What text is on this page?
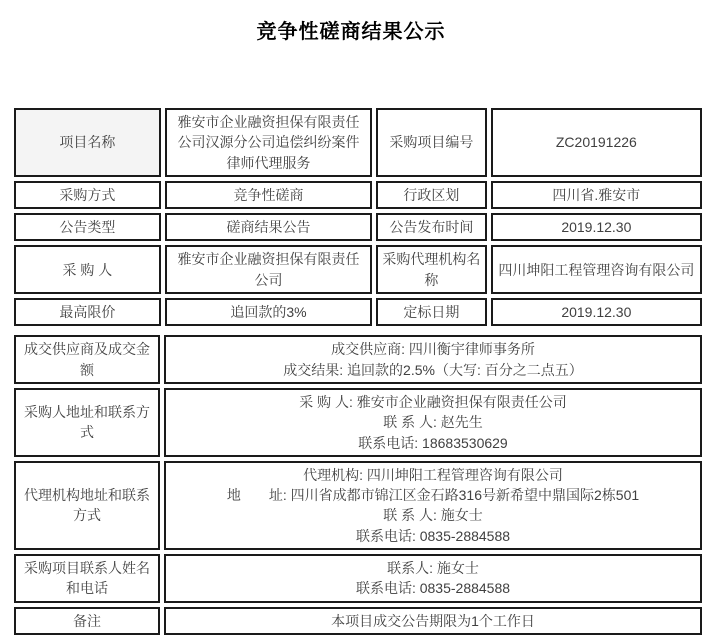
竞争性磋商结果公示
项目名称	雅安市企业融资担保有限责任公司汉源分公司追偿纠纷案件律师代理服务	采购项目编号	ZC20191226
采购方式	竞争性磋商	行政区划	四川省.雅安市
公告类型	磋商结果公告	公告发布时间	2019.12.30
采 购 人	雅安市企业融资担保有限责任公司	采购代理机构名称	四川坤阳工程管理咨询有限公司
最高限价	追回款的3%	定标日期	2019.12.30
成交供应商及成交金额	成交供应商: 四川衡宇律师事务所
成交结果: 追回款的2.5%（大写: 百分之二点五）

采购人地址和联系方式	采 购 人: 雅安市企业融资担保有限责任公司
联 系 人: 赵先生
联系电话: 18683530629

代理机构地址和联系方式	代理机构: 四川坤阳工程管理咨询有限公司
地　　址: 四川省成都市锦江区金石路316号新希望中鼎国际2栋501
联 系 人: 施女士
联系电话: 0835-2884588

采购项目联系人姓名和电话	联系人: 施女士
联系电话: 0835-2884588

备注	本项目成交公告期限为1个工作日
